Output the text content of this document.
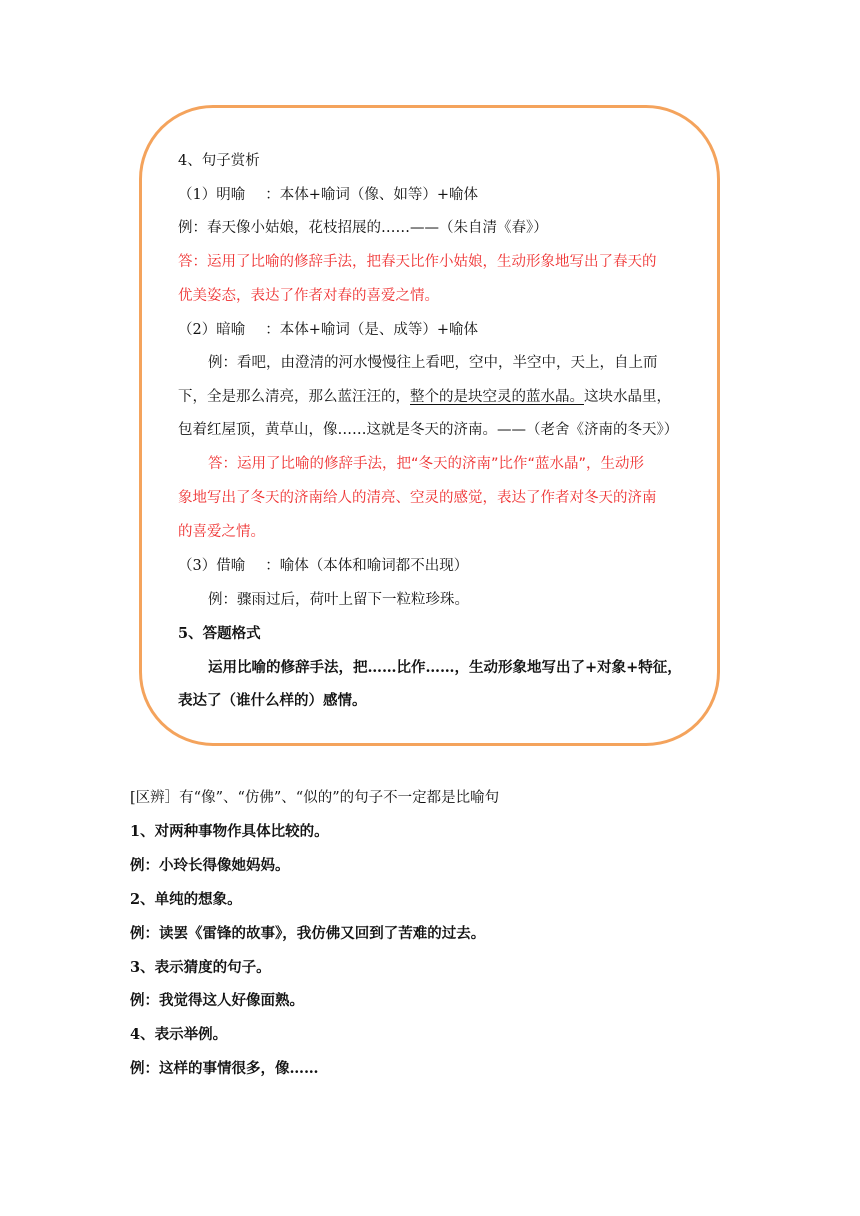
4、句子赏析
（1）明喻 ：本体+喻词（像、如等）+喻体
例：春天像小姑娘，花枝招展的……——（朱自清《春》）
答：运用了比喻的修辞手法，把春天比作小姑娘，生动形象地写出了春天的
优美姿态，表达了作者对春的喜爱之情。
（2）暗喻 ：本体+喻词（是、成等）+喻体
例：看吧，由澄清的河水慢慢往上看吧，空中，半空中，天上，自上而
下，全是那么清亮，那么蓝汪汪的，整个的是块空灵的蓝水晶。这块水晶里，
包着红屋顶，黄草山，像……这就是冬天的济南。——（老舍《济南的冬天》）
答：运用了比喻的修辞手法，把“冬天的济南”比作“蓝水晶”，生动形
象地写出了冬天的济南给人的清亮、空灵的感觉，表达了作者对冬天的济南
的喜爱之情。
（3）借喻 ：喻体（本体和喻词都不出现）
例：骤雨过后，荷叶上留下一粒粒珍珠。
5、答题格式
运用比喻的修辞手法，把……比作……，生动形象地写出了+对象+特征，
表达了（谁什么样的）感情。
[区辨］有“像”、“仿佛”、“似的”的句子不一定都是比喻句
1、对两种事物作具体比较的。
例：小玲长得像她妈妈。
2、单纯的想象。
例：读罢《雷锋的故事》，我仿佛又回到了苦难的过去。
3、表示猜度的句子。
例：我觉得这人好像面熟。
4、表示举例。
例：这样的事情很多，像……
